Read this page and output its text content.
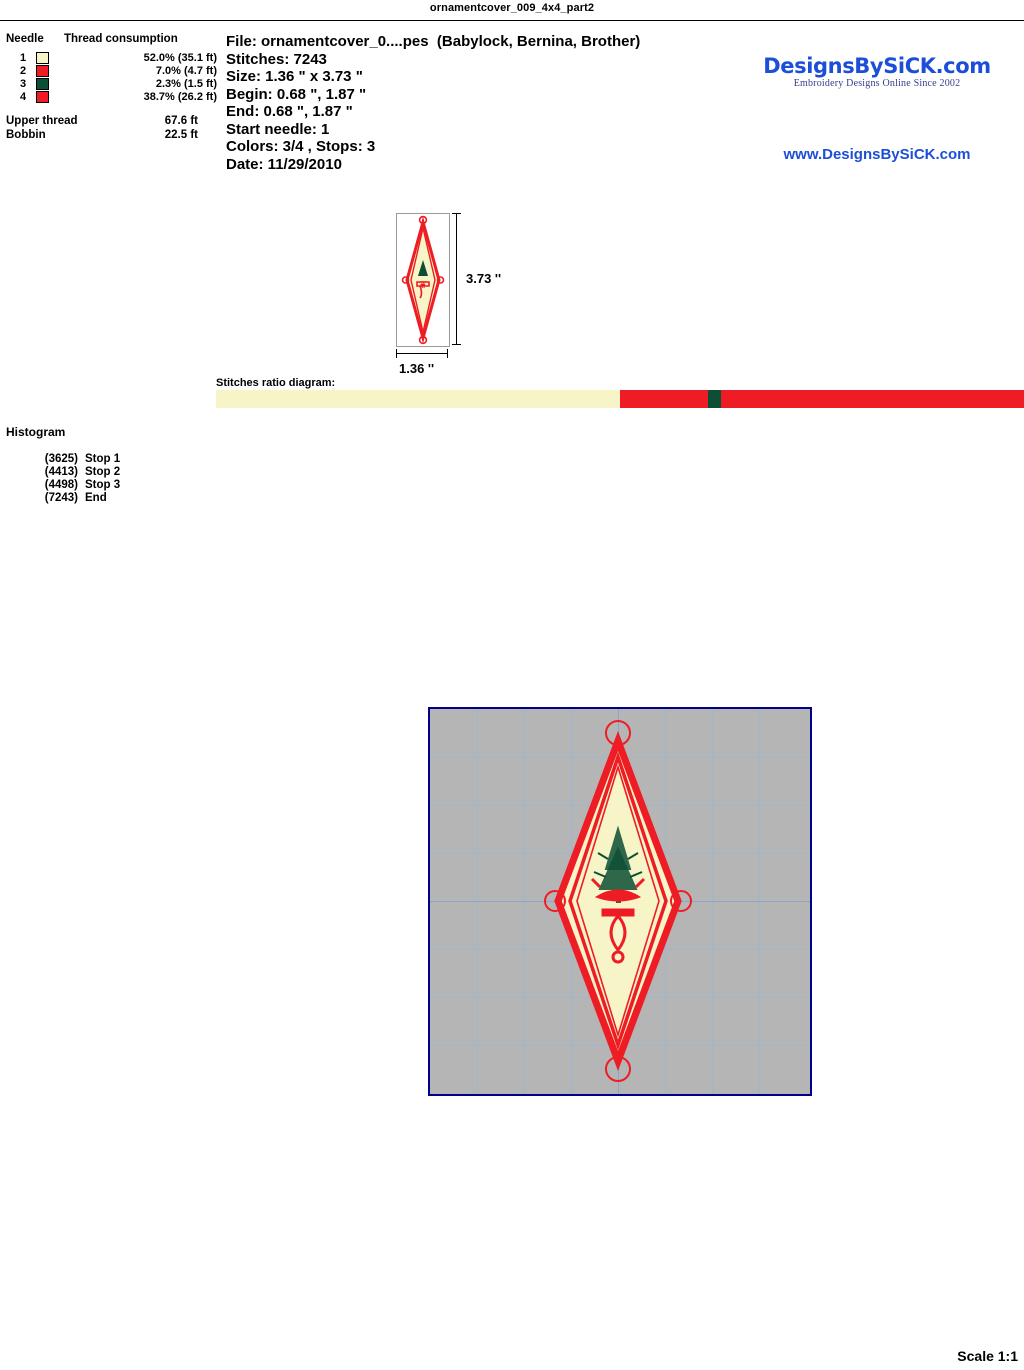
ornamentcover_009_4x4_part2
Needle	Thread consumption
1	52.0% (35.1 ft)
2	7.0% (4.7 ft)
3	2.3% (1.5 ft)
4	38.7% (26.2 ft)
Upper thread	67.6 ft
Bobbin	22.5 ft
File: ornamentcover_0....pes  (Babylock, Bernina, Brother)
Stitches: 7243
Size: 1.36 " x 3.73 "
Begin: 0.68 ", 1.87 "
End: 0.68 ", 1.87 "
Start needle: 1
Colors: 3/4 , Stops: 3
Date: 11/29/2010
DesignsBySiCK.com
Embroidery Designs Online Since 2002
www.DesignsBySiCK.com
❦	3.73 ''
1.36 ''
Stitches ratio diagram:
Histogram
(3625) Stop 1
(4413) Stop 2
(4498) Stop 3
(7243) End
Scale 1:1
